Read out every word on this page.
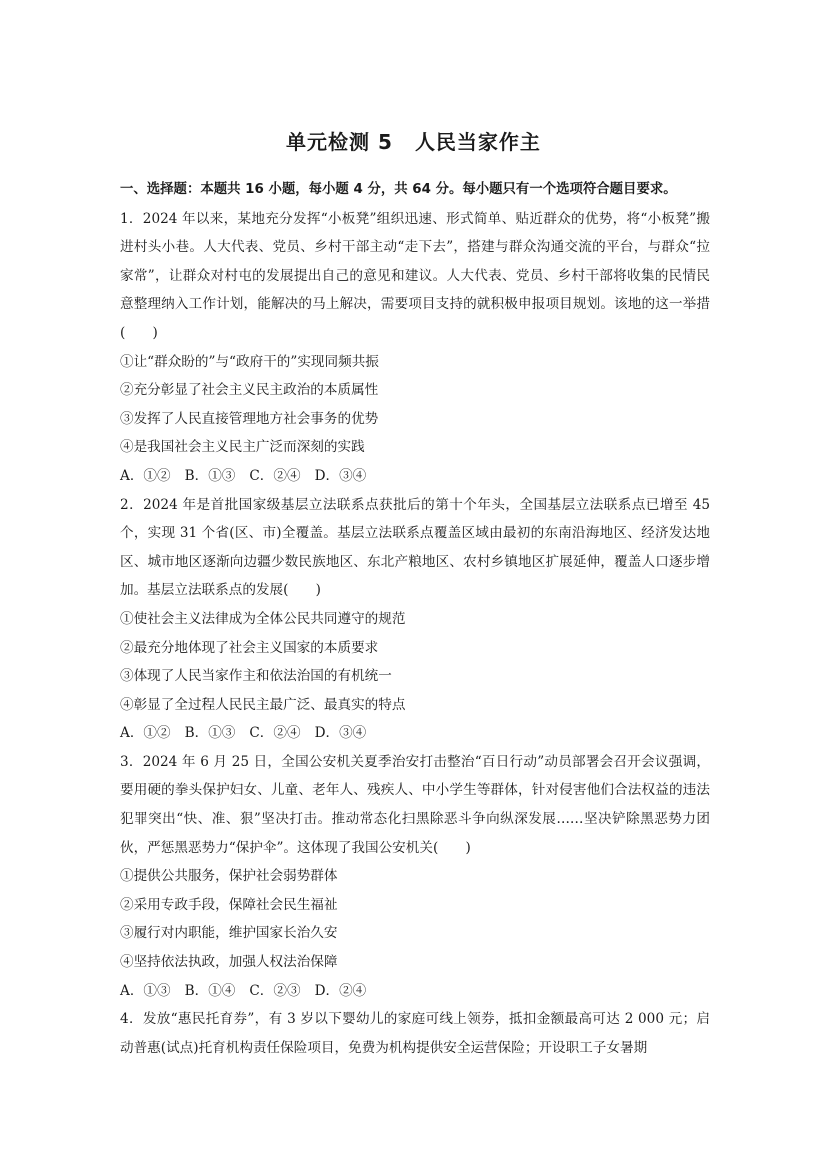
单元检测 5 人民当家作主

一、选择题：本题共 16 小题，每小题 4 分，共 64 分。每小题只有一个选项符合题目要求。

1．2024 年以来，某地充分发挥“小板凳”组织迅速、形式简单、贴近群众的优势，将“小板凳”搬进村头小巷。人大代表、党员、乡村干部主动“走下去”，搭建与群众沟通交流的平台，与群众“拉家常”，让群众对村屯的发展提出自己的意见和建议。人大代表、党员、乡村干部将收集的民情民意整理纳入工作计划，能解决的马上解决，需要项目支持的就积极申报项目规划。该地的这一举措(　　)

①让“群众盼的”与“政府干的”实现同频共振

②充分彰显了社会主义民主政治的本质属性

③发挥了人民直接管理地方社会事务的优势

④是我国社会主义民主广泛而深刻的实践

A．①② B．①③ C．②④ D．③④

2．2024 年是首批国家级基层立法联系点获批后的第十个年头，全国基层立法联系点已增至 45 个，实现 31 个省(区、市)全覆盖。基层立法联系点覆盖区域由最初的东南沿海地区、经济发达地区、城市地区逐渐向边疆少数民族地区、东北产粮地区、农村乡镇地区扩展延伸，覆盖人口逐步增加。基层立法联系点的发展(　　)

①使社会主义法律成为全体公民共同遵守的规范

②最充分地体现了社会主义国家的本质要求

③体现了人民当家作主和依法治国的有机统一

④彰显了全过程人民民主最广泛、最真实的特点

A．①② B．①③ C．②④ D．③④

3．2024 年 6 月 25 日，全国公安机关夏季治安打击整治“百日行动”动员部署会召开会议强调，要用硬的拳头保护妇女、儿童、老年人、残疾人、中小学生等群体，针对侵害他们合法权益的违法犯罪突出“快、准、狠”坚决打击。推动常态化扫黑除恶斗争向纵深发展……坚决铲除黑恶势力团伙，严惩黑恶势力“保护伞”。这体现了我国公安机关(　　)

①提供公共服务，保护社会弱势群体

②采用专政手段，保障社会民生福祉

③履行对内职能，维护国家长治久安

④坚持依法执政，加强人权法治保障

A．①③ B．①④ C．②③ D．②④

4．发放“惠民托育券”，有 3 岁以下婴幼儿的家庭可线上领券，抵扣金额最高可达 2 000 元；启动普惠(试点)托育机构责任保险项目，免费为机构提供安全运营保险；开设职工子女暑期
